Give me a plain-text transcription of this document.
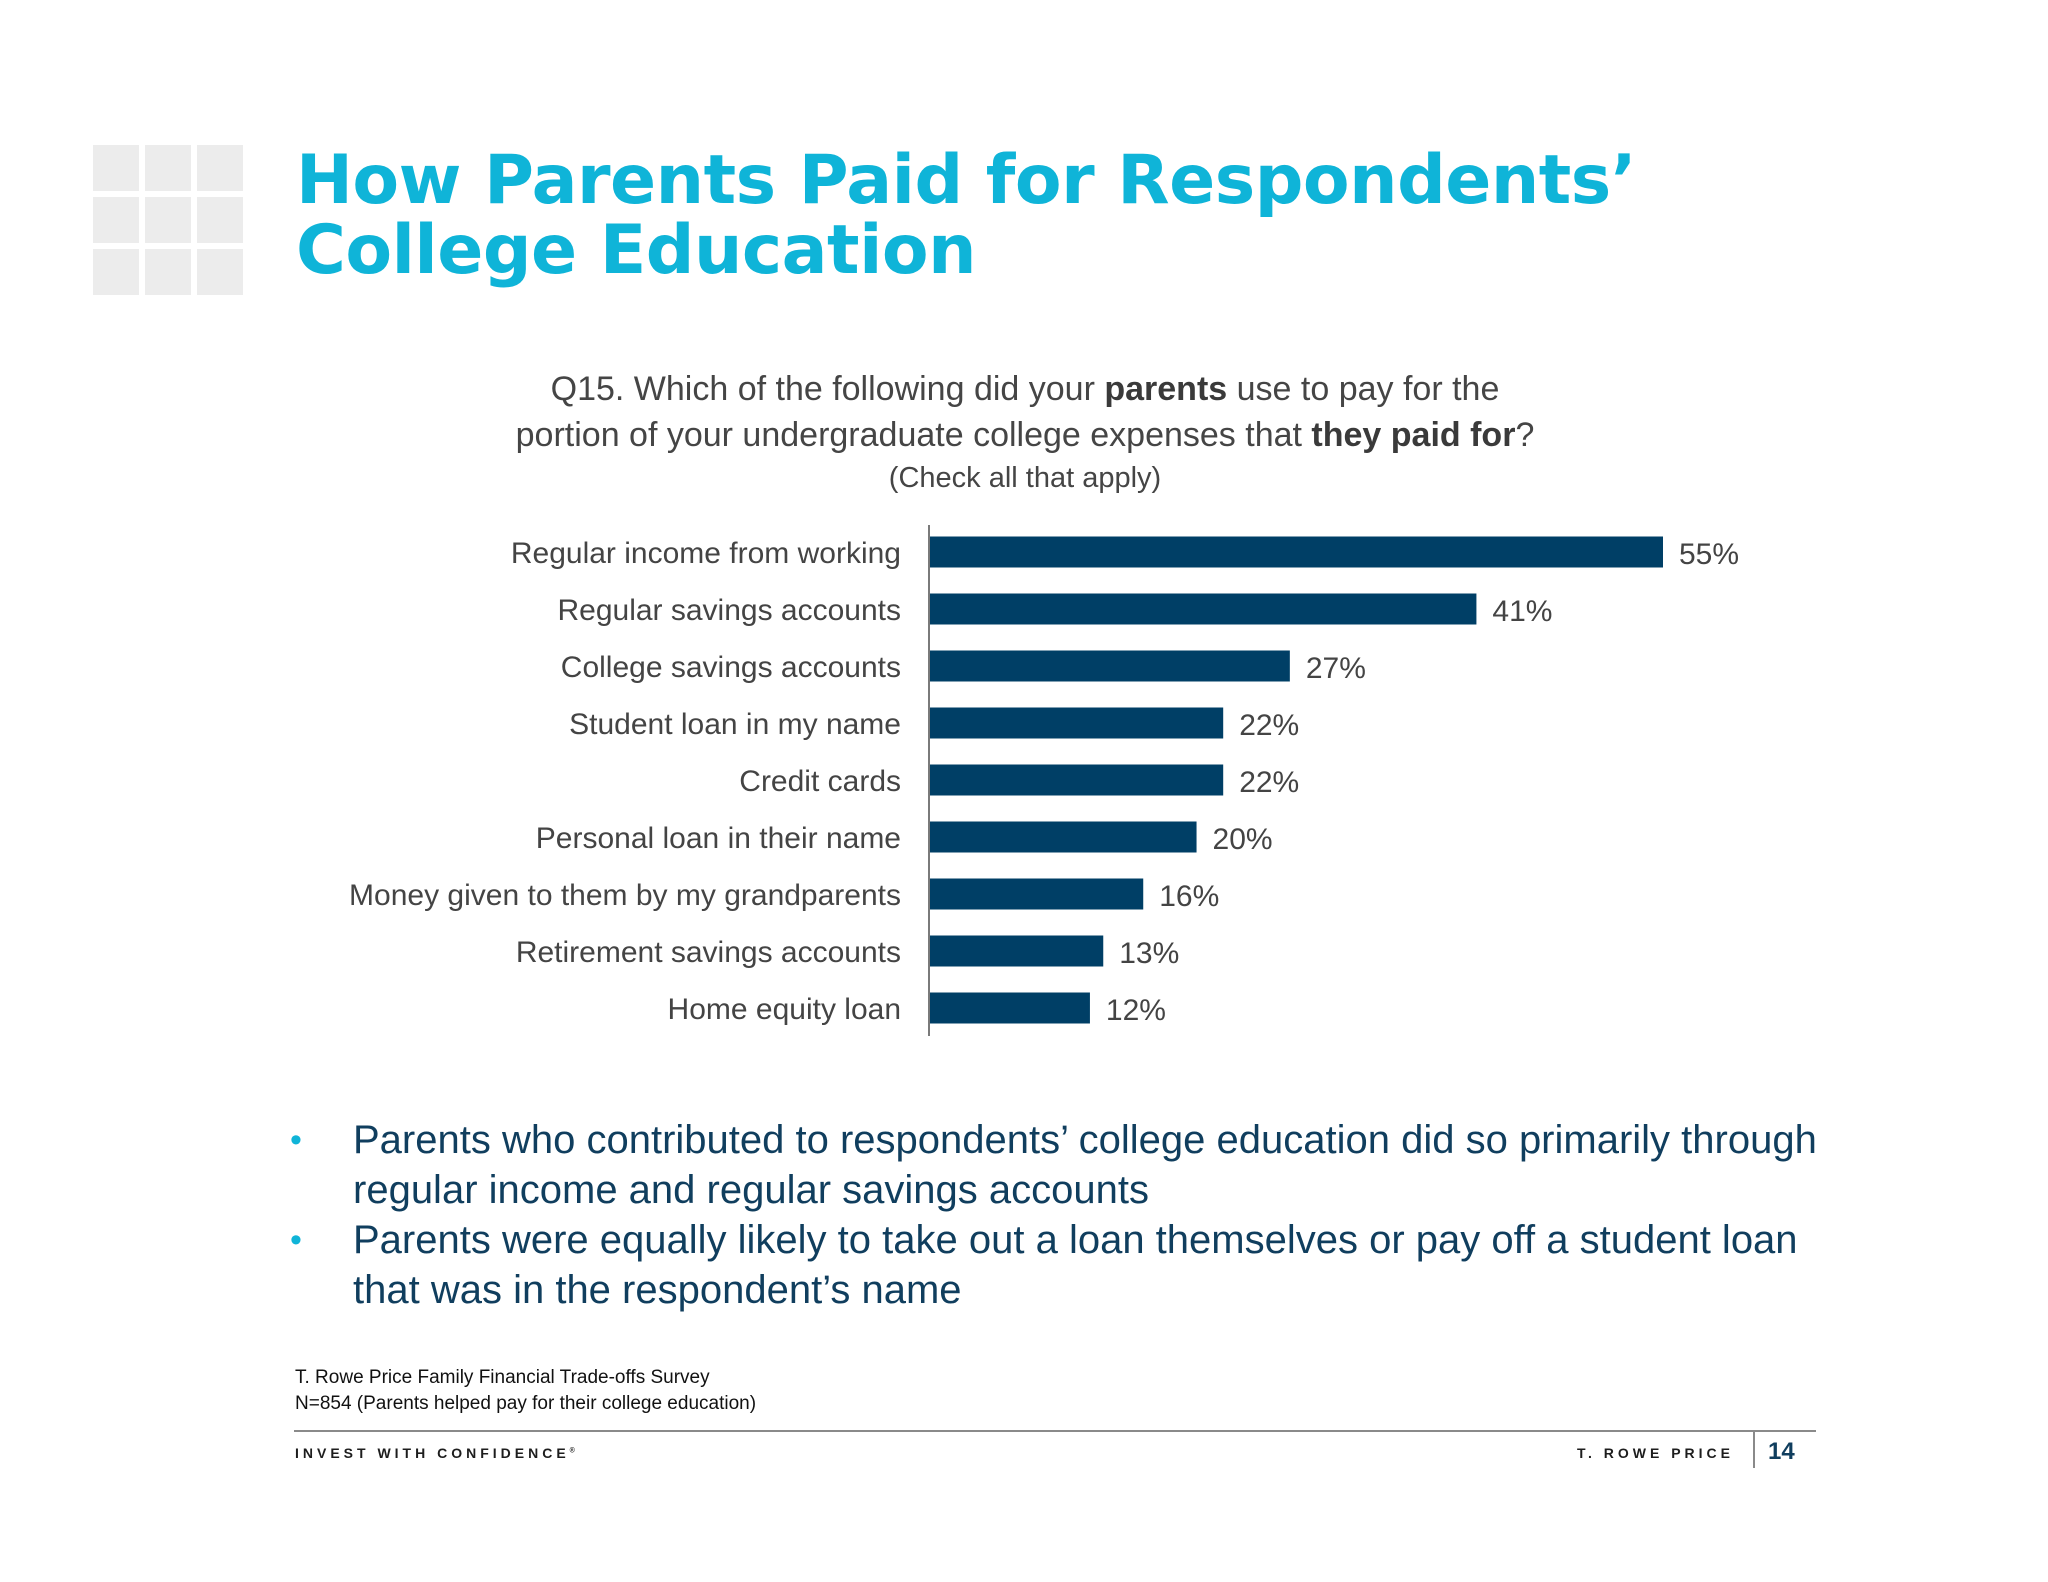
How Parents Paid for Respondents’
College Education
Q15. Which of the following did your parents use to pay for the
portion of your undergraduate college expenses that they paid for?
(Check all that apply)
Regular income from working	55%
Regular savings accounts	41%
College savings accounts	27%
Student loan in my name	22%
Credit cards	22%
Personal loan in their name	20%
Money given to them by my grandparents	16%
Retirement savings accounts	13%
Home equity loan	12%
• Parents who contributed to respondents’ college education did so primarily through regular income and regular savings accounts
• Parents were equally likely to take out a loan themselves or pay off a student loan that was in the respondent’s name
T. Rowe Price Family Financial Trade-offs Survey
N=854 (Parents helped pay for their college education)
INVEST WITH CONFIDENCE®	T. ROWE PRICE 14
